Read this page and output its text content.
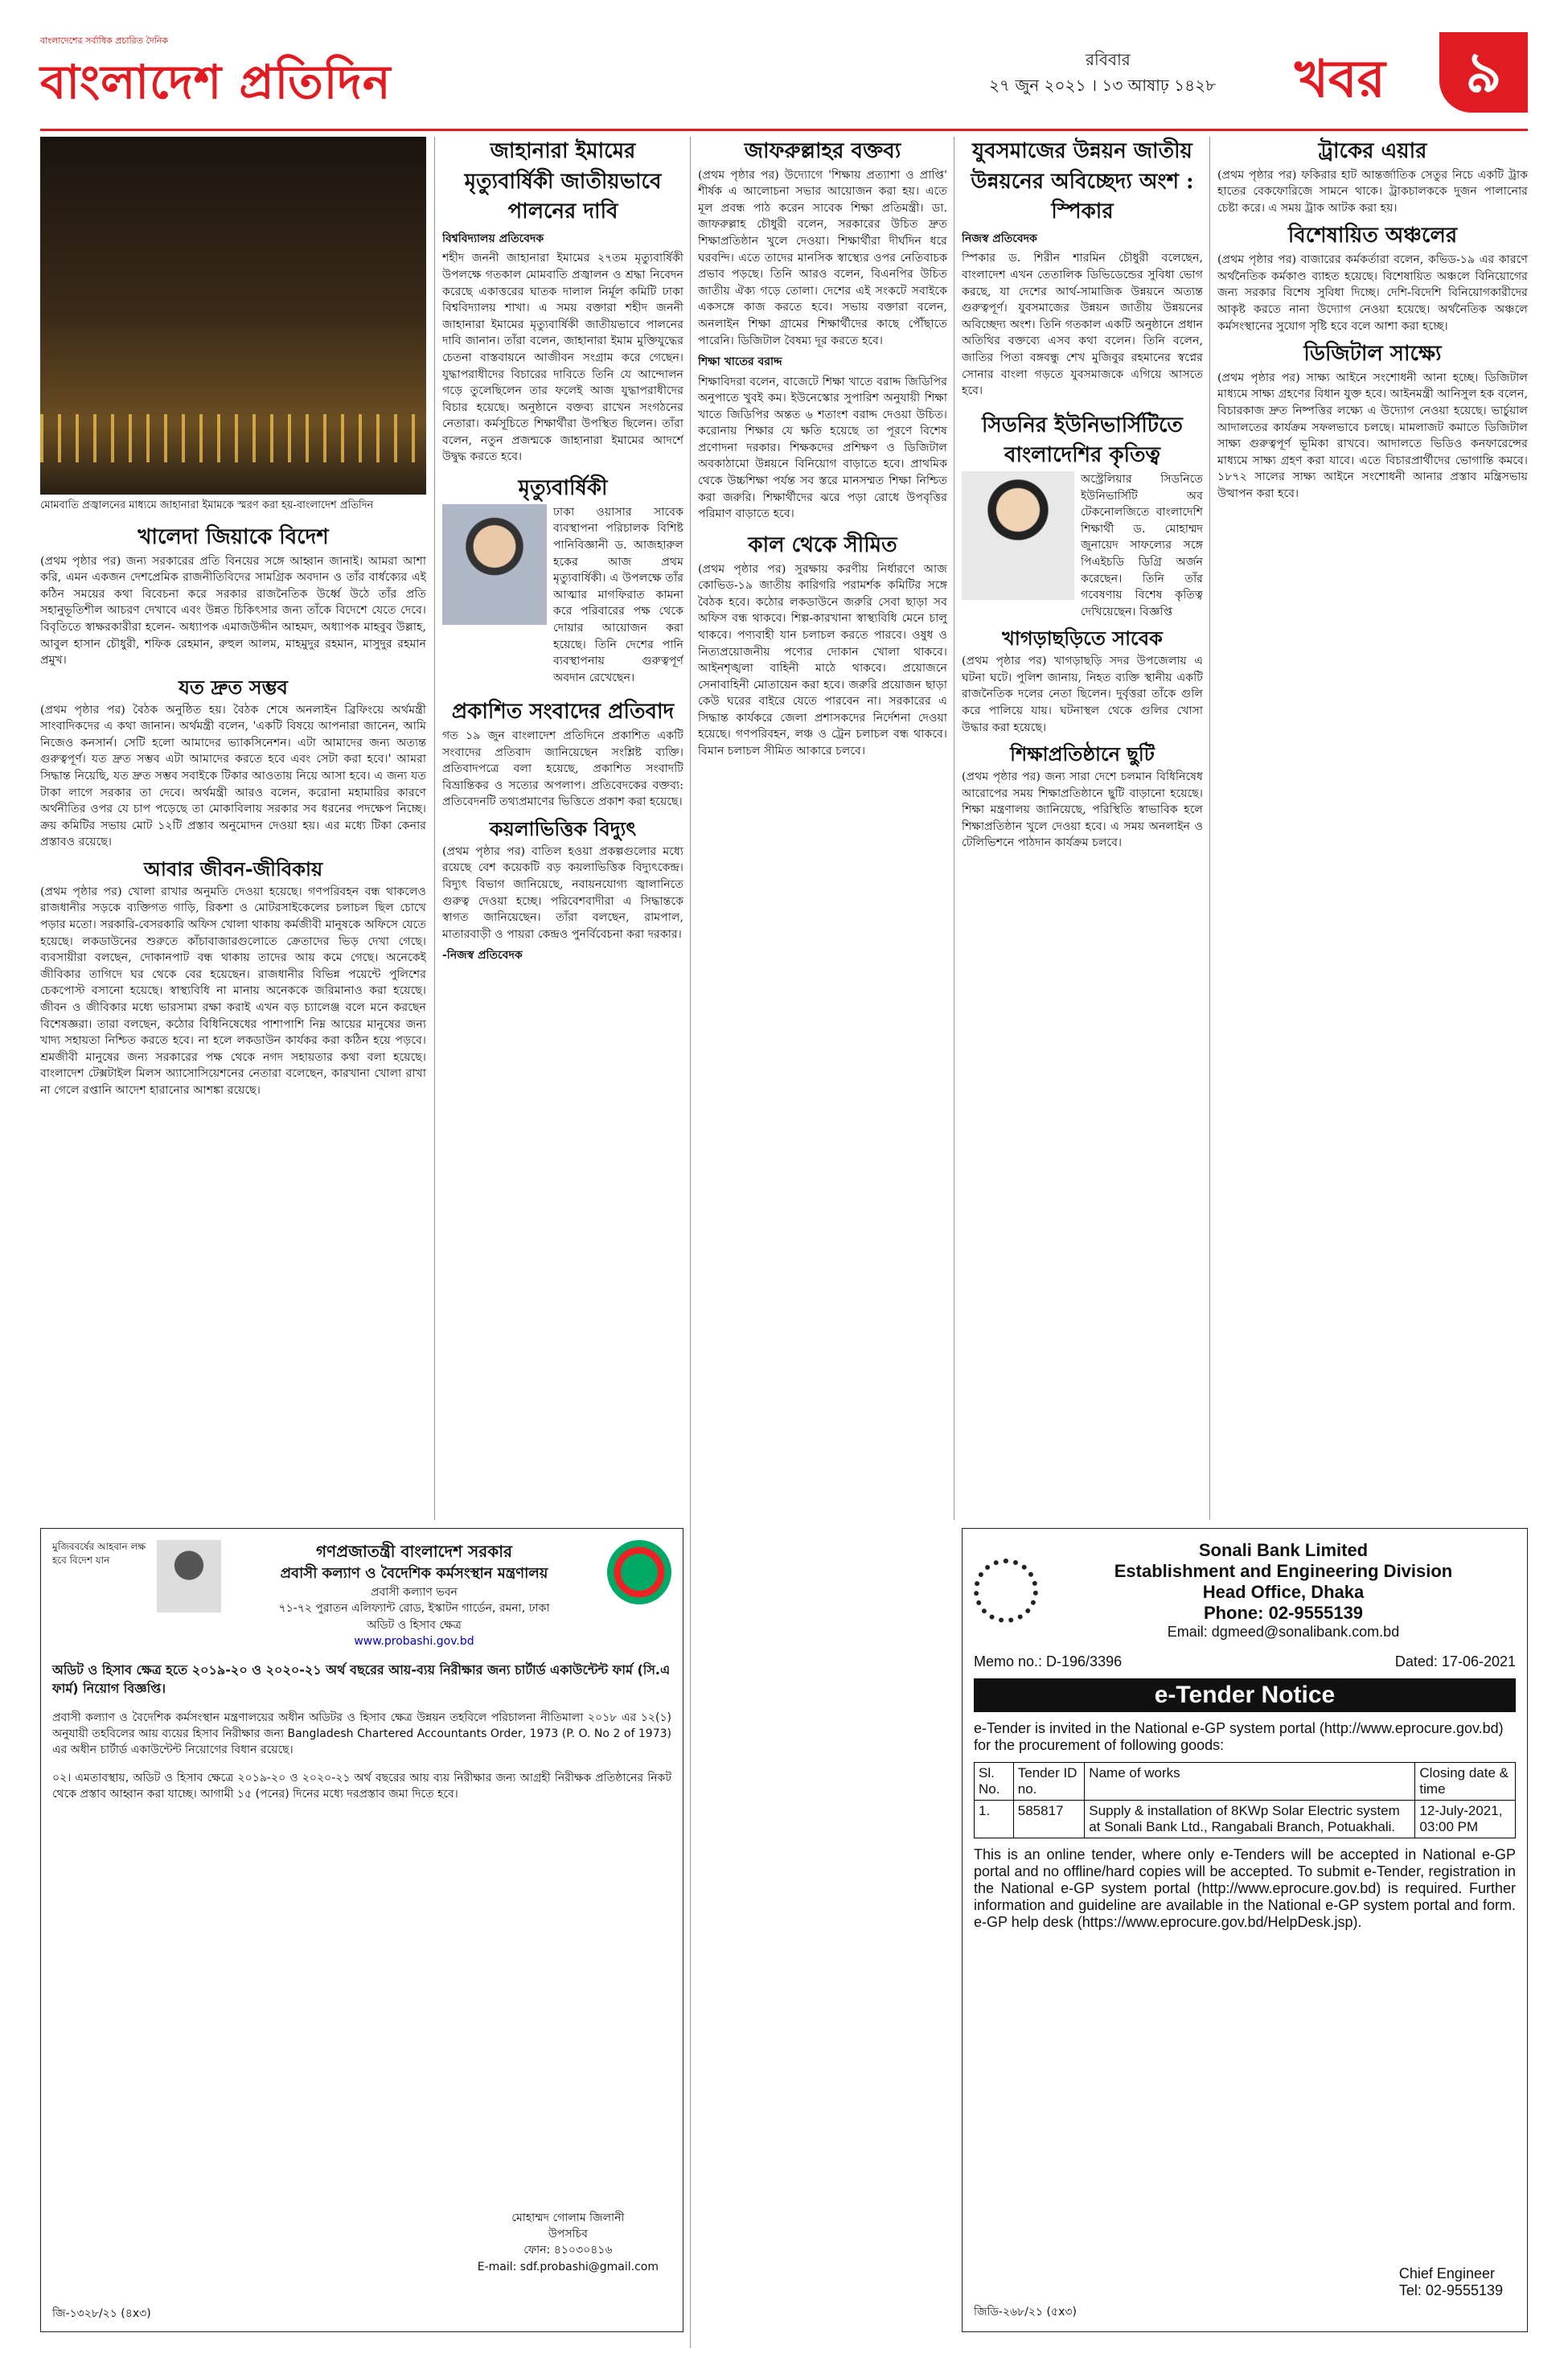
বাংলাদেশের সর্বাধিক প্রচারিত দৈনিক
বাংলাদেশ প্রতিদিন	রবিবার
২৭ জুন ২০২১ । ১৩ আষাঢ় ১৪২৮ খবর	৯
মোমবাতি প্রজ্বালনের মাধ্যমে জাহানারা ইমামকে স্মরণ করা হয়-বাংলাদেশ প্রতিদিন
খালেদা জিয়াকে বিদেশ

(প্রথম পৃষ্ঠার পর) জন্য সরকারের প্রতি বিনয়ের সঙ্গে আহ্বান জানাই। আমরা আশা করি, এমন একজন দেশপ্রেমিক রাজনীতিবিদের সামগ্রিক অবদান ও তাঁর বার্ধক্যের এই কঠিন সময়ের কথা বিবেচনা করে সরকার রাজনৈতিক উর্ধ্বে উঠে তাঁর প্রতি সহানুভূতিশীল আচরণ দেখাবে এবং উন্নত চিকিৎসার জন্য তাঁকে বিদেশে যেতে দেবে। বিবৃতিতে স্বাক্ষরকারীরা হলেন- অধ্যাপক এমাজউদ্দীন আহমদ, অধ্যাপক মাহবুব উল্লাহ, আবুল হাসান চৌধুরী, শফিক রেহমান, রুহুল আলম, মাহমুদুর রহমান, মাসুদুর রহমান প্রমুখ।

যত দ্রুত সম্ভব

(প্রথম পৃষ্ঠার পর) বৈঠক অনুষ্ঠিত হয়। বৈঠক শেষে অনলাইন ব্রিফিংয়ে অর্থমন্ত্রী সাংবাদিকদের এ কথা জানান। অর্থমন্ত্রী বলেন, 'একটি বিষয়ে আপনারা জানেন, আমি নিজেও কনসার্ন। সেটি হলো আমাদের ভ্যাকসিনেশন। এটা আমাদের জন্য অত্যন্ত গুরুত্বপূর্ণ। যত দ্রুত সম্ভব এটা আমাদের করতে হবে এবং সেটা করা হবে।' আমরা সিদ্ধান্ত নিয়েছি, যত দ্রুত সম্ভব সবাইকে টিকার আওতায় নিয়ে আসা হবে। এ জন্য যত টাকা লাগে সরকার তা দেবে। অর্থমন্ত্রী আরও বলেন, করোনা মহামারির কারণে অর্থনীতির ওপর যে চাপ পড়েছে তা মোকাবিলায় সরকার সব ধরনের পদক্ষেপ নিচ্ছে। ক্রয় কমিটির সভায় মোট ১২টি প্রস্তাব অনুমোদন দেওয়া হয়। এর মধ্যে টিকা কেনার প্রস্তাবও রয়েছে।

আবার জীবন-জীবিকায়

(প্রথম পৃষ্ঠার পর) খোলা রাখার অনুমতি দেওয়া হয়েছে। গণপরিবহন বন্ধ থাকলেও রাজধানীর সড়কে ব্যক্তিগত গাড়ি, রিকশা ও মোটরসাইকেলের চলাচল ছিল চোখে পড়ার মতো। সরকারি-বেসরকারি অফিস খোলা থাকায় কর্মজীবী মানুষকে অফিসে যেতে হয়েছে। লকডাউনের শুরুতে কাঁচাবাজারগুলোতে ক্রেতাদের ভিড় দেখা গেছে। ব্যবসায়ীরা বলছেন, দোকানপাট বন্ধ থাকায় তাদের আয় কমে গেছে। অনেকেই জীবিকার তাগিদে ঘর থেকে বের হয়েছেন। রাজধানীর বিভিন্ন পয়েন্টে পুলিশের চেকপোস্ট বসানো হয়েছে। স্বাস্থ্যবিধি না মানায় অনেককে জরিমানাও করা হয়েছে। জীবন ও জীবিকার মধ্যে ভারসাম্য রক্ষা করাই এখন বড় চ্যালেঞ্জ বলে মনে করছেন বিশেষজ্ঞরা। তারা বলছেন, কঠোর বিধিনিষেধের পাশাপাশি নিম্ন আয়ের মানুষের জন্য খাদ্য সহায়তা নিশ্চিত করতে হবে। না হলে লকডাউন কার্যকর করা কঠিন হয়ে পড়বে। শ্রমজীবী মানুষের জন্য সরকারের পক্ষ থেকে নগদ সহায়তার কথা বলা হয়েছে। বাংলাদেশ টেক্সটাইল মিলস অ্যাসোসিয়েশনের নেতারা বলেছেন, কারখানা খোলা রাখা না গেলে রপ্তানি আদেশ হারানোর আশঙ্কা রয়েছে।

জাহানারা ইমামের মৃত্যুবার্ষিকী জাতীয়ভাবে পালনের দাবি
বিশ্ববিদ্যালয় প্রতিবেদক

শহীদ জননী জাহানারা ইমামের ২৭তম মৃত্যুবার্ষিকী উপলক্ষে গতকাল মোমবাতি প্রজ্বালন ও শ্রদ্ধা নিবেদন করেছে একাত্তরের ঘাতক দালাল নির্মূল কমিটি ঢাকা বিশ্ববিদ্যালয় শাখা। এ সময় বক্তারা শহীদ জননী জাহানারা ইমামের মৃত্যুবার্ষিকী জাতীয়ভাবে পালনের দাবি জানান। তাঁরা বলেন, জাহানারা ইমাম মুক্তিযুদ্ধের চেতনা বাস্তবায়নে আজীবন সংগ্রাম করে গেছেন। যুদ্ধাপরাধীদের বিচারের দাবিতে তিনি যে আন্দোলন গড়ে তুলেছিলেন তার ফলেই আজ যুদ্ধাপরাধীদের বিচার হয়েছে। অনুষ্ঠানে বক্তব্য রাখেন সংগঠনের নেতারা। কর্মসূচিতে শিক্ষার্থীরা উপস্থিত ছিলেন। তাঁরা বলেন, নতুন প্রজন্মকে জাহানারা ইমামের আদর্শে উদ্বুদ্ধ করতে হবে।

মৃত্যুবার্ষিকী

ঢাকা ওয়াসার সাবেক ব্যবস্থাপনা পরিচালক বিশিষ্ট পানিবিজ্ঞানী ড. আজহারুল হকের আজ প্রথম মৃত্যুবার্ষিকী। এ উপলক্ষে তাঁর আত্মার মাগফিরাত কামনা করে পরিবারের পক্ষ থেকে দোয়ার আয়োজন করা হয়েছে। তিনি দেশের পানি ব্যবস্থাপনায় গুরুত্বপূর্ণ অবদান রেখেছেন।

প্রকাশিত সংবাদের প্রতিবাদ

গত ১৯ জুন বাংলাদেশ প্রতিদিনে প্রকাশিত একটি সংবাদের প্রতিবাদ জানিয়েছেন সংশ্লিষ্ট ব্যক্তি। প্রতিবাদপত্রে বলা হয়েছে, প্রকাশিত সংবাদটি বিভ্রান্তিকর ও সত্যের অপলাপ। প্রতিবেদকের বক্তব্য: প্রতিবেদনটি তথ্যপ্রমাণের ভিত্তিতে প্রকাশ করা হয়েছে।

কয়লাভিত্তিক বিদ্যুৎ

(প্রথম পৃষ্ঠার পর) বাতিল হওয়া প্রকল্পগুলোর মধ্যে রয়েছে বেশ কয়েকটি বড় কয়লাভিত্তিক বিদ্যুৎকেন্দ্র। বিদ্যুৎ বিভাগ জানিয়েছে, নবায়নযোগ্য জ্বালানিতে গুরুত্ব দেওয়া হচ্ছে। পরিবেশবাদীরা এ সিদ্ধান্তকে স্বাগত জানিয়েছেন। তাঁরা বলছেন, রামপাল, মাতারবাড়ী ও পায়রা কেন্দ্রও পুনর্বিবেচনা করা দরকার।

-নিজস্ব প্রতিবেদক
জাফরুল্লাহর বক্তব্য

(প্রথম পৃষ্ঠার পর) উদ্যোগে 'শিক্ষায় প্রত্যাশা ও প্রাপ্তি' শীর্ষক এ আলোচনা সভার আয়োজন করা হয়। এতে মূল প্রবন্ধ পাঠ করেন সাবেক শিক্ষা প্রতিমন্ত্রী। ডা. জাফরুল্লাহ চৌধুরী বলেন, সরকারের উচিত দ্রুত শিক্ষাপ্রতিষ্ঠান খুলে দেওয়া। শিক্ষার্থীরা দীর্ঘদিন ধরে ঘরবন্দি। এতে তাদের মানসিক স্বাস্থ্যের ওপর নেতিবাচক প্রভাব পড়ছে। তিনি আরও বলেন, বিএনপির উচিত জাতীয় ঐক্য গড়ে তোলা। দেশের এই সংকটে সবাইকে একসঙ্গে কাজ করতে হবে। সভায় বক্তারা বলেন, অনলাইন শিক্ষা গ্রামের শিক্ষার্থীদের কাছে পৌঁছাতে পারেনি। ডিজিটাল বৈষম্য দূর করতে হবে।

শিক্ষা খাতের বরাদ্দ

শিক্ষাবিদরা বলেন, বাজেটে শিক্ষা খাতে বরাদ্দ জিডিপির অনুপাতে খুবই কম। ইউনেস্কোর সুপারিশ অনুযায়ী শিক্ষা খাতে জিডিপির অন্তত ৬ শতাংশ বরাদ্দ দেওয়া উচিত। করোনায় শিক্ষার যে ক্ষতি হয়েছে তা পূরণে বিশেষ প্রণোদনা দরকার। শিক্ষকদের প্রশিক্ষণ ও ডিজিটাল অবকাঠামো উন্নয়নে বিনিয়োগ বাড়াতে হবে। প্রাথমিক থেকে উচ্চশিক্ষা পর্যন্ত সব স্তরে মানসম্মত শিক্ষা নিশ্চিত করা জরুরি। শিক্ষার্থীদের ঝরে পড়া রোধে উপবৃত্তির পরিমাণ বাড়াতে হবে।

কাল থেকে সীমিত

(প্রথম পৃষ্ঠার পর) সুরক্ষায় করণীয় নির্ধারণে আজ কোভিড-১৯ জাতীয় কারিগরি পরামর্শক কমিটির সঙ্গে বৈঠক হবে। কঠোর লকডাউনে জরুরি সেবা ছাড়া সব অফিস বন্ধ থাকবে। শিল্প-কারখানা স্বাস্থ্যবিধি মেনে চালু থাকবে। পণ্যবাহী যান চলাচল করতে পারবে। ওষুধ ও নিত্যপ্রয়োজনীয় পণ্যের দোকান খোলা থাকবে। আইনশৃঙ্খলা বাহিনী মাঠে থাকবে। প্রয়োজনে সেনাবাহিনী মোতায়েন করা হবে। জরুরি প্রয়োজন ছাড়া কেউ ঘরের বাইরে যেতে পারবেন না। সরকারের এ সিদ্ধান্ত কার্যকরে জেলা প্রশাসকদের নির্দেশনা দেওয়া হয়েছে। গণপরিবহন, লঞ্চ ও ট্রেন চলাচল বন্ধ থাকবে। বিমান চলাচল সীমিত আকারে চলবে।

যুবসমাজের উন্নয়ন জাতীয় উন্নয়নের অবিচ্ছেদ্য অংশ : স্পিকার
নিজস্ব প্রতিবেদক

স্পিকার ড. শিরীন শারমিন চৌধুরী বলেছেন, বাংলাদেশ এখন তেতালিক ডিভিডেন্ডের সুবিধা ভোগ করছে, যা দেশের আর্থ-সামাজিক উন্নয়নে অত্যন্ত গুরুত্বপূর্ণ। যুবসমাজের উন্নয়ন জাতীয় উন্নয়নের অবিচ্ছেদ্য অংশ। তিনি গতকাল একটি অনুষ্ঠানে প্রধান অতিথির বক্তব্যে এসব কথা বলেন। তিনি বলেন, জাতির পিতা বঙ্গবন্ধু শেখ মুজিবুর রহমানের স্বপ্নের সোনার বাংলা গড়তে যুবসমাজকে এগিয়ে আসতে হবে।

সিডনির ইউনিভার্সিটিতে বাংলাদেশির কৃতিত্ব

অস্ট্রেলিয়ার সিডনিতে ইউনিভার্সিটি অব টেকনোলজিতে বাংলাদেশি শিক্ষার্থী ড. মোহাম্মদ জুনায়েদ সাফল্যের সঙ্গে পিএইচডি ডিগ্রি অর্জন করেছেন। তিনি তাঁর গবেষণায় বিশেষ কৃতিত্ব দেখিয়েছেন। বিজ্ঞপ্তি

খাগড়াছড়িতে সাবেক

(প্রথম পৃষ্ঠার পর) খাগড়াছড়ি সদর উপজেলায় এ ঘটনা ঘটে। পুলিশ জানায়, নিহত ব্যক্তি স্থানীয় একটি রাজনৈতিক দলের নেতা ছিলেন। দুর্বৃত্তরা তাঁকে গুলি করে পালিয়ে যায়। ঘটনাস্থল থেকে গুলির খোসা উদ্ধার করা হয়েছে।

শিক্ষাপ্রতিষ্ঠানে ছুটি

(প্রথম পৃষ্ঠার পর) জন্য সারা দেশে চলমান বিধিনিষেধ আরোপের সময় শিক্ষাপ্রতিষ্ঠানে ছুটি বাড়ানো হয়েছে। শিক্ষা মন্ত্রণালয় জানিয়েছে, পরিস্থিতি স্বাভাবিক হলে শিক্ষাপ্রতিষ্ঠান খুলে দেওয়া হবে। এ সময় অনলাইন ও টেলিভিশনে পাঠদান কার্যক্রম চলবে।

ট্রাকের এয়ার

(প্রথম পৃষ্ঠার পর) ফকিরার হাট আন্তর্জাতিক সেতুর নিচে একটি ট্রাক হাতের বেকফোরিজে সামনে থাকে। ট্রাকচালককে দুজন পালানোর চেষ্টা করে। এ সময় ট্রাক আটক করা হয়।

বিশেষায়িত অঞ্চলের

(প্রথম পৃষ্ঠার পর) বাজারের কর্মকর্তারা বলেন, কভিড-১৯ এর কারণে অর্থনৈতিক কর্মকাণ্ড ব্যাহত হয়েছে। বিশেষায়িত অঞ্চলে বিনিয়োগের জন্য সরকার বিশেষ সুবিধা দিচ্ছে। দেশি-বিদেশি বিনিয়োগকারীদের আকৃষ্ট করতে নানা উদ্যোগ নেওয়া হয়েছে। অর্থনৈতিক অঞ্চলে কর্মসংস্থানের সুযোগ সৃষ্টি হবে বলে আশা করা হচ্ছে।

ডিজিটাল সাক্ষ্যে

(প্রথম পৃষ্ঠার পর) সাক্ষ্য আইনে সংশোধনী আনা হচ্ছে। ডিজিটাল মাধ্যমে সাক্ষ্য গ্রহণের বিধান যুক্ত হবে। আইনমন্ত্রী আনিসুল হক বলেন, বিচারকাজ দ্রুত নিষ্পত্তির লক্ষ্যে এ উদ্যোগ নেওয়া হয়েছে। ভার্চুয়াল আদালতের কার্যক্রম সফলভাবে চলছে। মামলাজট কমাতে ডিজিটাল সাক্ষ্য গুরুত্বপূর্ণ ভূমিকা রাখবে। আদালতে ভিডিও কনফারেন্সের মাধ্যমে সাক্ষ্য গ্রহণ করা যাবে। এতে বিচারপ্রার্থীদের ভোগান্তি কমবে। ১৮৭২ সালের সাক্ষ্য আইনে সংশোধনী আনার প্রস্তাব মন্ত্রিসভায় উত্থাপন করা হবে।

মুজিববর্ষের আহবান লক্ষ হবে বিদেশ যান	গণপ্রজাতন্ত্রী বাংলাদেশ সরকার
প্রবাসী কল্যাণ ও বৈদেশিক কর্মসংস্থান মন্ত্রণালয়
প্রবাসী কল্যাণ ভবন
৭১-৭২ পুরাতন এলিফ্যান্ট রোড, ইস্কাটন গার্ডেন, রমনা, ঢাকা
অডিট ও হিসাব ক্ষেত্র
www.probashi.gov.bd
অডিট ও হিসাব ক্ষেত্র হতে ২০১৯-২০ ও ২০২০-২১ অর্থ বছরের আয়-ব্যয় নিরীক্ষার জন্য চার্টার্ড একাউন্টেন্ট ফার্ম (সি.এ ফার্ম) নিয়োগ বিজ্ঞপ্তি।

প্রবাসী কল্যাণ ও বৈদেশিক কর্মসংস্থান মন্ত্রণালয়ের অধীন অডিটর ও হিসাব ক্ষেত্র উন্নয়ন তহবিলে পরিচালনা নীতিমালা ২০১৮ এর ১২(১) অনুযায়ী তহবিলের আয় ব্যয়ের হিসাব নিরীক্ষার জন্য Bangladesh Chartered Accountants Order, 1973 (P. O. No 2 of 1973) এর অধীন চার্টার্ড একাউন্টেন্ট নিয়োগের বিধান রয়েছে।

০২। এমতাবস্থায়, অডিট ও হিসাব ক্ষেত্রে ২০১৯-২০ ও ২০২০-২১ অর্থ বছরের আয় ব্যয় নিরীক্ষার জন্য আগ্রহী নিরীক্ষক প্রতিষ্ঠানের নিকট থেকে প্রস্তাব আহ্বান করা যাচ্ছে। আগামী ১৫ (পনের) দিনের মধ্যে দরপ্রস্তাব জমা দিতে হবে।

মোহাম্মদ গোলাম জিলানী
উপসচিব
ফোন: ৪১০৩০৪১৬
E-mail: sdf.probashi@gmail.com
জি-১৩২৮/২১ (৪x৩)
Sonali Bank Limited
Establishment and Engineering Division
Head Office, Dhaka
Phone: 02-9555139
Email: dgmeed@sonalibank.com.bd
Memo no.: D-196/3396	Dated: 17-06-2021
e-Tender Notice

e-Tender is invited in the National e-GP system portal (http://www.eprocure.gov.bd) for the procurement of following goods:

Sl. No.	Tender ID no.	Name of works	Closing date & time
1.	585817	Supply & installation of 8KWp Solar Electric system at Sonali Bank Ltd., Rangabali Branch, Potuakhali.	12-July-2021, 03:00 PM

This is an online tender, where only e-Tenders will be accepted in National e-GP portal and no offline/hard copies will be accepted. To submit e-Tender, registration in the National e-GP system portal (http://www.eprocure.gov.bd) is required. Further information and guideline are available in the National e-GP system portal and form. e-GP help desk (https://www.eprocure.gov.bd/HelpDesk.jsp).

Chief Engineer
Tel: 02-9555139
জিডি-২৬৮/২১ (৫x৩)
